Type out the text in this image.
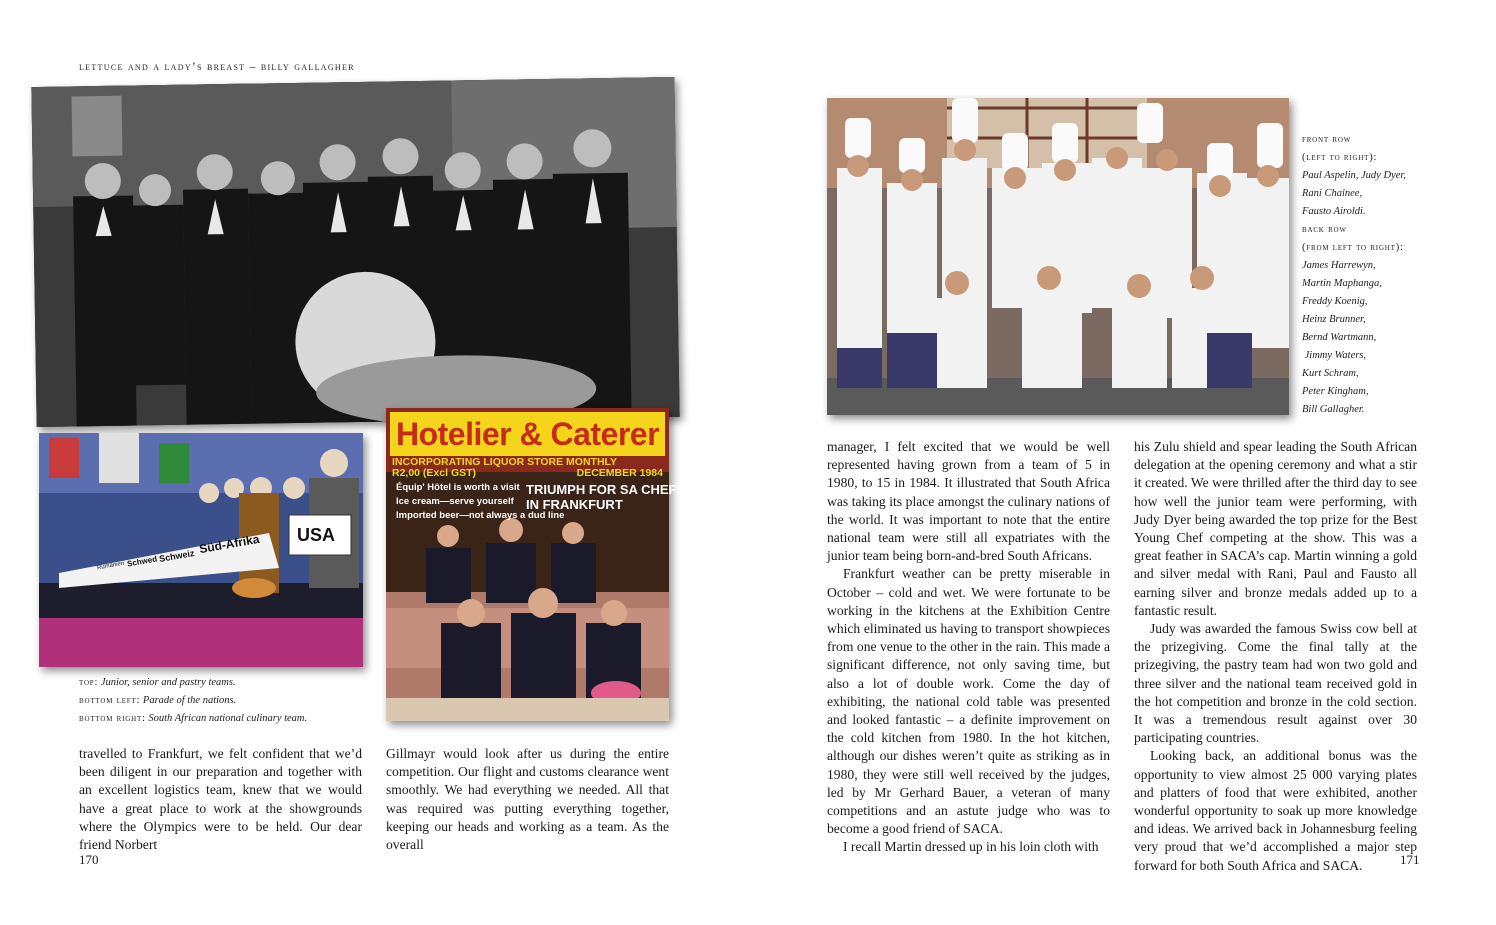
lettuce and a lady’s breast – billy gallagher
USA
Süd-Afrika
Schweiz
Schwed
Rumänien
Hotelier & Caterer
INCORPORATING LIQUOR STORE MONTHLY
R2,00 (Excl GST)	DECEMBER 1984
Équip' Hôtel is worth a visit
Ice cream—serve yourself
Imported beer—not always a dud line
TRIUMPH FOR SA CHEFS
IN FRANKFURT
top: Junior, senior and pastry teams.
bottom left: Parade of the nations.
bottom right: South African national culinary team.

travelled to Frankfurt, we felt confident that we’d been diligent in our preparation and together with an excellent logistics team, knew that we would have a great place to work at the showgrounds where the Olympics were to be held. Our dear friend Norbert

Gillmayr would look after us during the entire competition. Our flight and customs clearance went smoothly. We had everything we needed. All that was required was putting everything together, keeping our heads and working as a team. As the overall

170
front row
(left to right):
Paul Aspelin, Judy Dyer,
Rani Chainee,
Fausto Airoldi.
back row
(from left to right):
James Harrewyn,
Martin Maphanga,
Freddy Koenig,
Heinz Brunner,
Bernd Wartmann,
Jimmy Waters,
Kurt Schram,
Peter Kingham,
Bill Gallagher.

manager, I felt excited that we would be well represented having grown from a team of 5 in 1980, to 15 in 1984. It illustrated that South Africa was taking its place amongst the culinary nations of the world. It was important to note that the entire national team were still all expatriates with the junior team being born-and-bred South Africans.

Frankfurt weather can be pretty miserable in October – cold and wet. We were fortunate to be working in the kitchens at the Exhibition Centre which eliminated us having to transport showpieces from one venue to the other in the rain. This made a significant difference, not only saving time, but also a lot of double work. Come the day of exhibiting, the national cold table was presented and looked fantastic – a definite improvement on the cold kitchen from 1980. In the hot kitchen, although our dishes weren’t quite as striking as in 1980, they were still well received by the judges, led by Mr Gerhard Bauer, a veteran of many competitions and an astute judge who was to become a good friend of SACA.

I recall Martin dressed up in his loin cloth with

his Zulu shield and spear leading the South African delegation at the opening ceremony and what a stir it created. We were thrilled after the third day to see how well the junior team were performing, with Judy Dyer being awarded the top prize for the Best Young Chef competing at the show. This was a great feather in SACA’s cap. Martin winning a gold and silver medal with Rani, Paul and Fausto all earning silver and bronze medals added up to a fantastic result.

Judy was awarded the famous Swiss cow bell at the prizegiving. Come the final tally at the prizegiving, the pastry team had won two gold and three silver and the national team received gold in the hot competition and bronze in the cold section. It was a tremendous result against over 30 participating countries.

Looking back, an additional bonus was the opportunity to view almost 25 000 varying plates and platters of food that were exhibited, another wonderful opportunity to soak up more knowledge and ideas. We arrived back in Johannesburg feeling very proud that we’d accomplished a major step forward for both South Africa and SACA.	171
